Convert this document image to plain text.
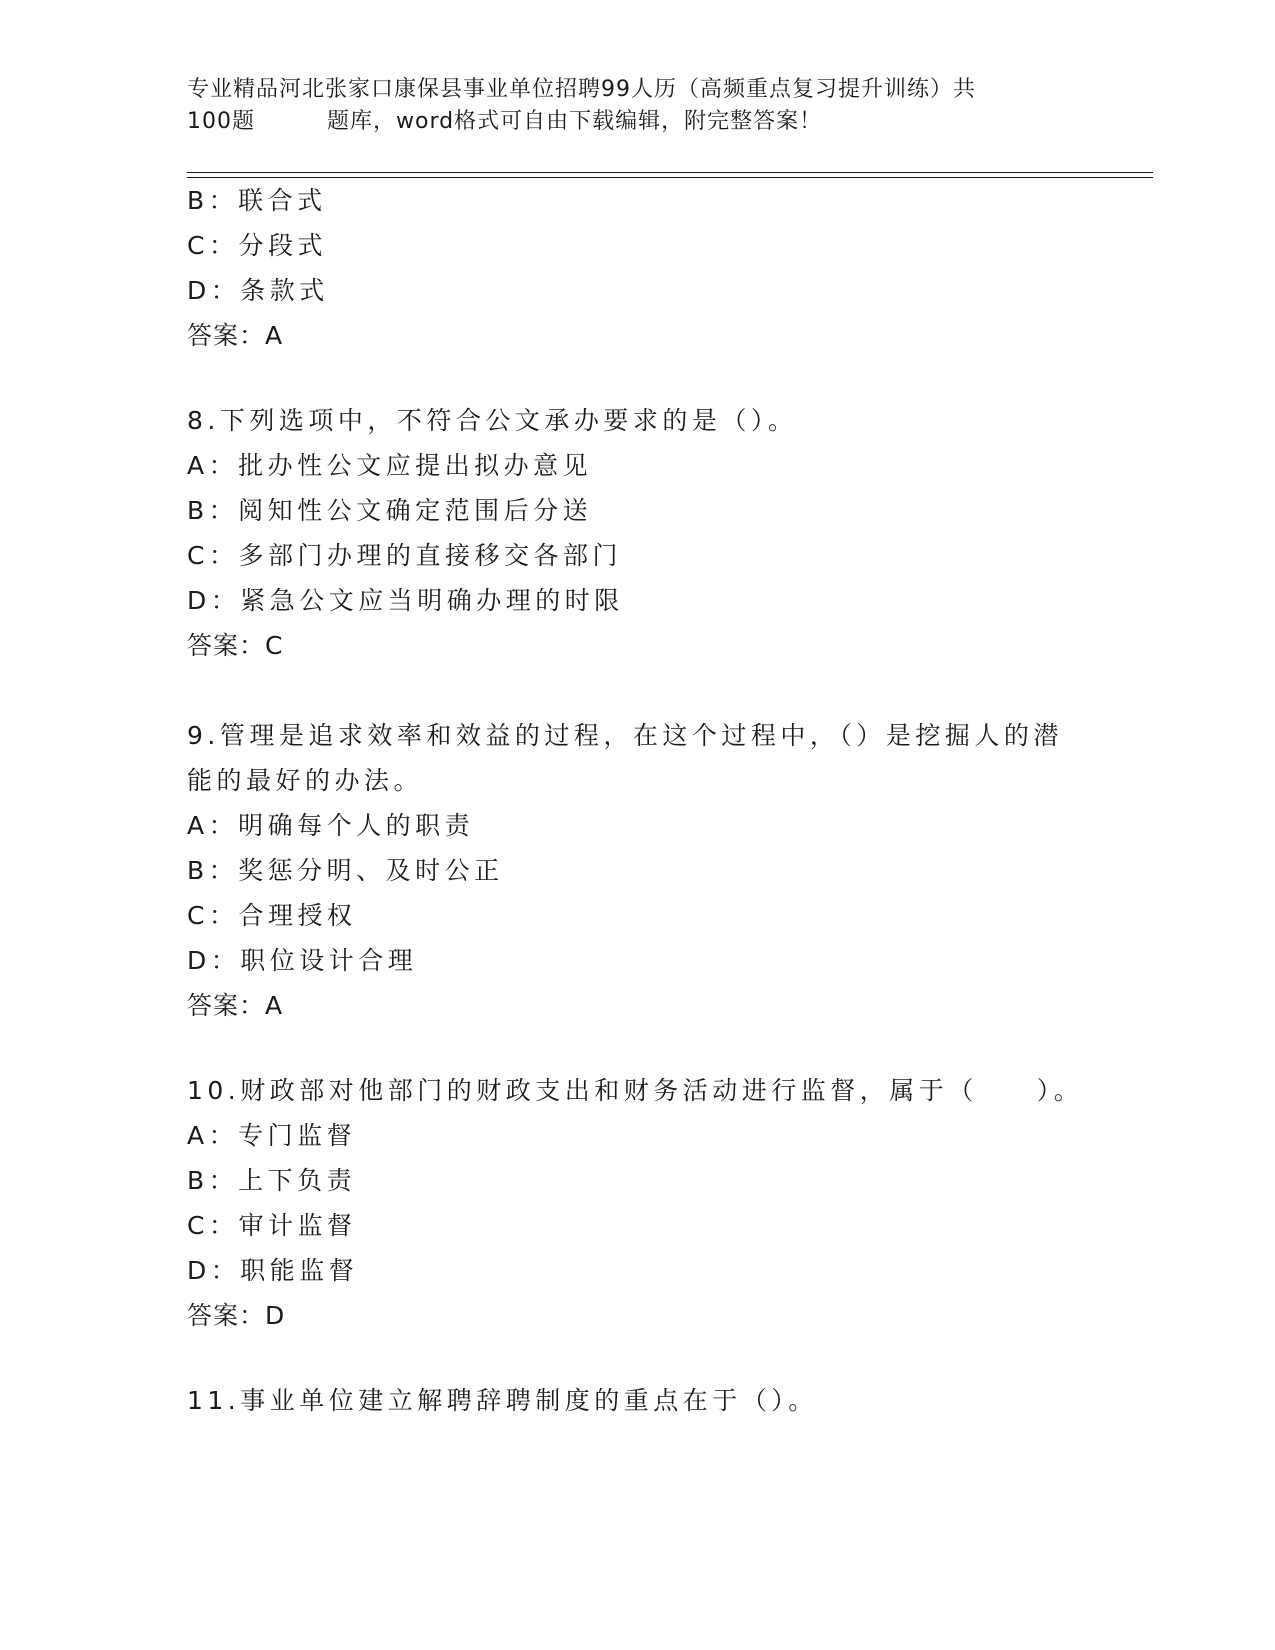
专业精品河北张家口康保县事业单位招聘99人历（高频重点复习提升训练）共
100题	题库，word格式可自由下载编辑，附完整答案！
B：联合式
C：分段式
D：条款式
答案：A
8.下列选项中，不符合公文承办要求的是（）。
A：批办性公文应提出拟办意见
B：阅知性公文确定范围后分送
C：多部门办理的直接移交各部门
D：紧急公文应当明确办理的时限
答案：C
9.管理是追求效率和效益的过程，在这个过程中，（）是挖掘人的潜
能的最好的办法。
A：明确每个人的职责
B：奖惩分明、及时公正
C：合理授权
D：职位设计合理
答案：A
10.财政部对他部门的财政支出和财务活动进行监督，属于（　　）。
A：专门监督
B：上下负责
C：审计监督
D：职能监督
答案：D
11.事业单位建立解聘辞聘制度的重点在于（）。
